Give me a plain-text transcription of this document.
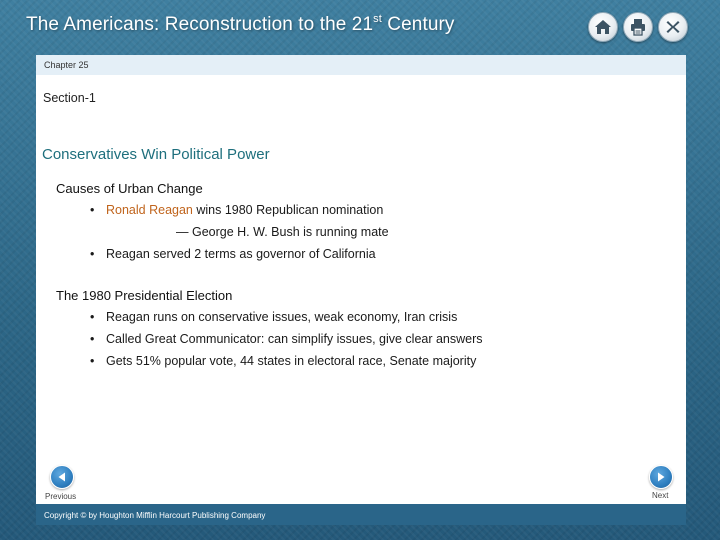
The Americans: Reconstruction to the 21st Century
Chapter 25
Section-1
Conservatives Win Political Power
Causes of Urban Change
• Ronald Reagan wins 1980 Republican nomination
— George H. W. Bush is running mate
• Reagan served 2 terms as governor of California
The 1980 Presidential Election
• Reagan runs on conservative issues, weak economy, Iran crisis
• Called Great Communicator: can simplify issues, give clear answers
• Gets 51% popular vote, 44 states in electoral race, Senate majority
Previous	Next
Copyright © by Houghton Mifflin Harcourt Publishing Company
